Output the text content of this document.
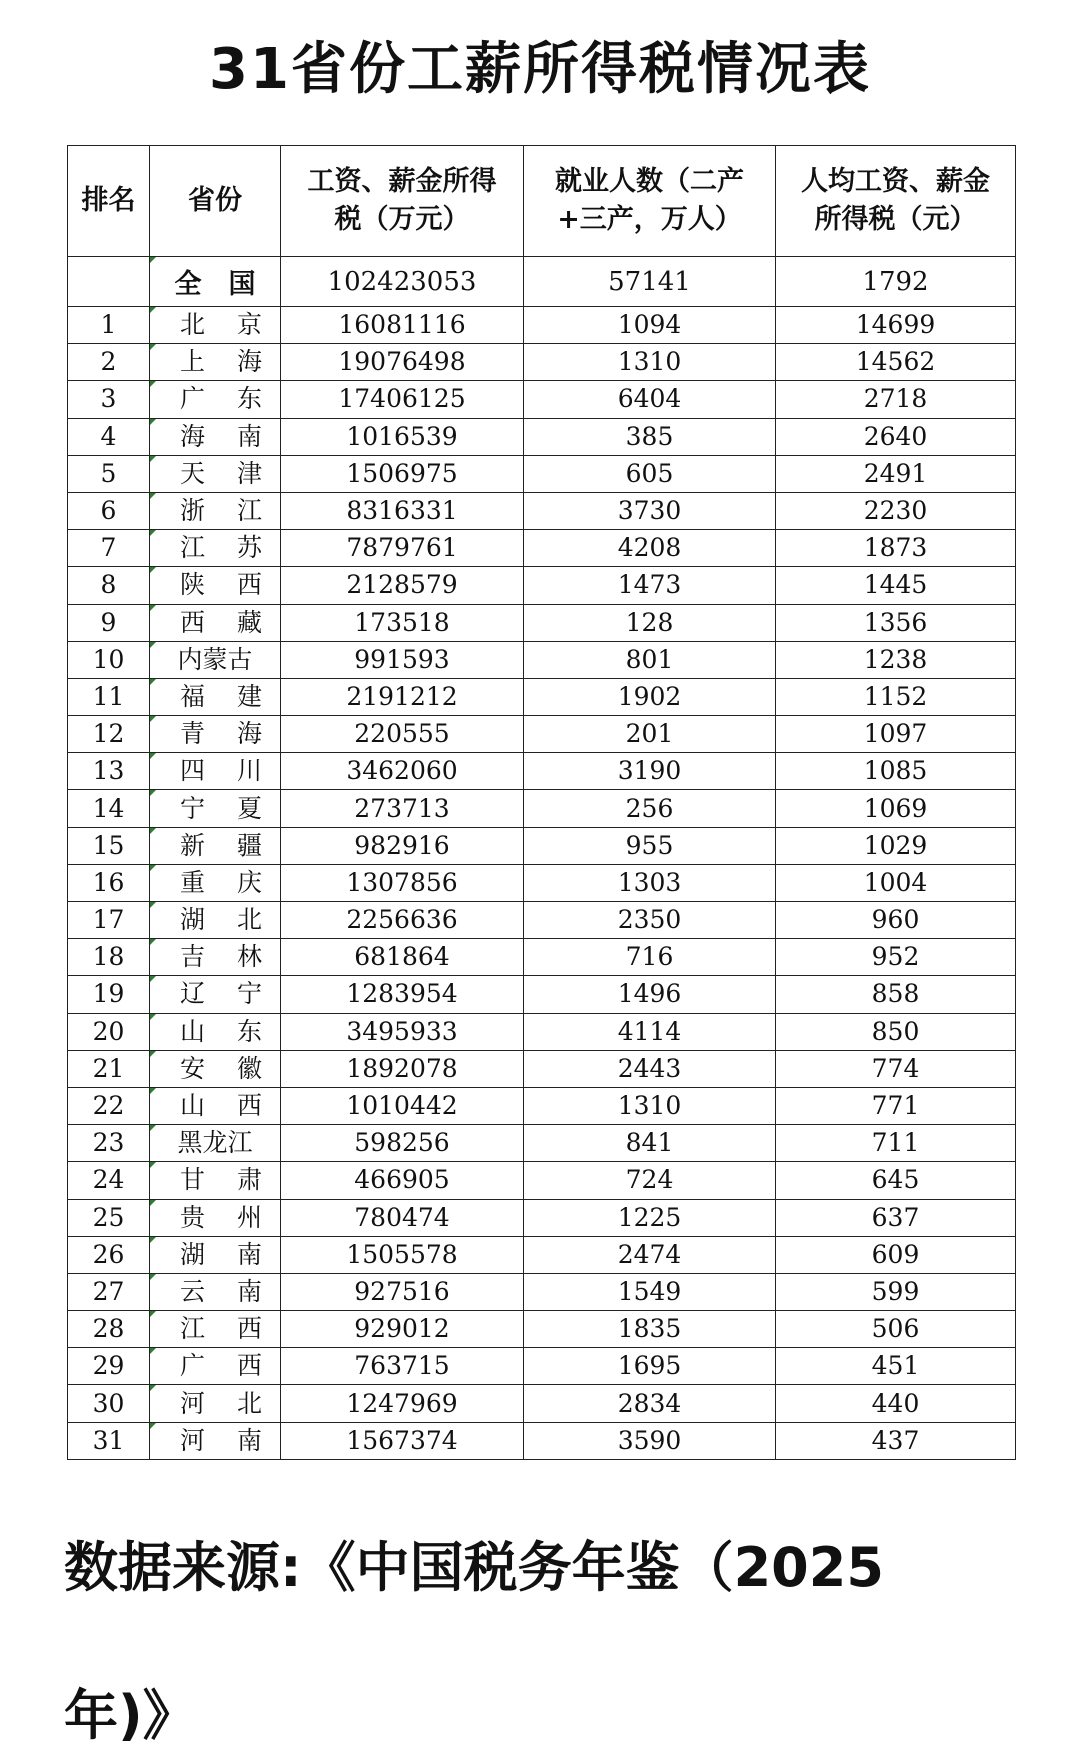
31省份工薪所得税情况表
排名	省份	工资、薪金所得税（万元）	就业人数（二产+三产，万人）	人均工资、薪金所得税（元）
	全　国	102423053	57141	1792
1	北 京	16081116	1094	14699
2	上 海	19076498	1310	14562
3	广 东	17406125	6404	2718
4	海 南	1016539	385	2640
5	天 津	1506975	605	2491
6	浙 江	8316331	3730	2230
7	江 苏	7879761	4208	1873
8	陕 西	2128579	1473	1445
9	西 藏	173518	128	1356
10	内蒙古	991593	801	1238
11	福 建	2191212	1902	1152
12	青 海	220555	201	1097
13	四 川	3462060	3190	1085
14	宁 夏	273713	256	1069
15	新 疆	982916	955	1029
16	重 庆	1307856	1303	1004
17	湖 北	2256636	2350	960
18	吉 林	681864	716	952
19	辽 宁	1283954	1496	858
20	山 东	3495933	4114	850
21	安 徽	1892078	2443	774
22	山 西	1010442	1310	771
23	黑龙江	598256	841	711
24	甘 肃	466905	724	645
25	贵 州	780474	1225	637
26	湖 南	1505578	2474	609
27	云 南	927516	1549	599
28	江 西	929012	1835	506
29	广 西	763715	1695	451
30	河 北	1247969	2834	440
31	河 南	1567374	3590	437
数据来源:《中国税务年鉴（2025
年)》
